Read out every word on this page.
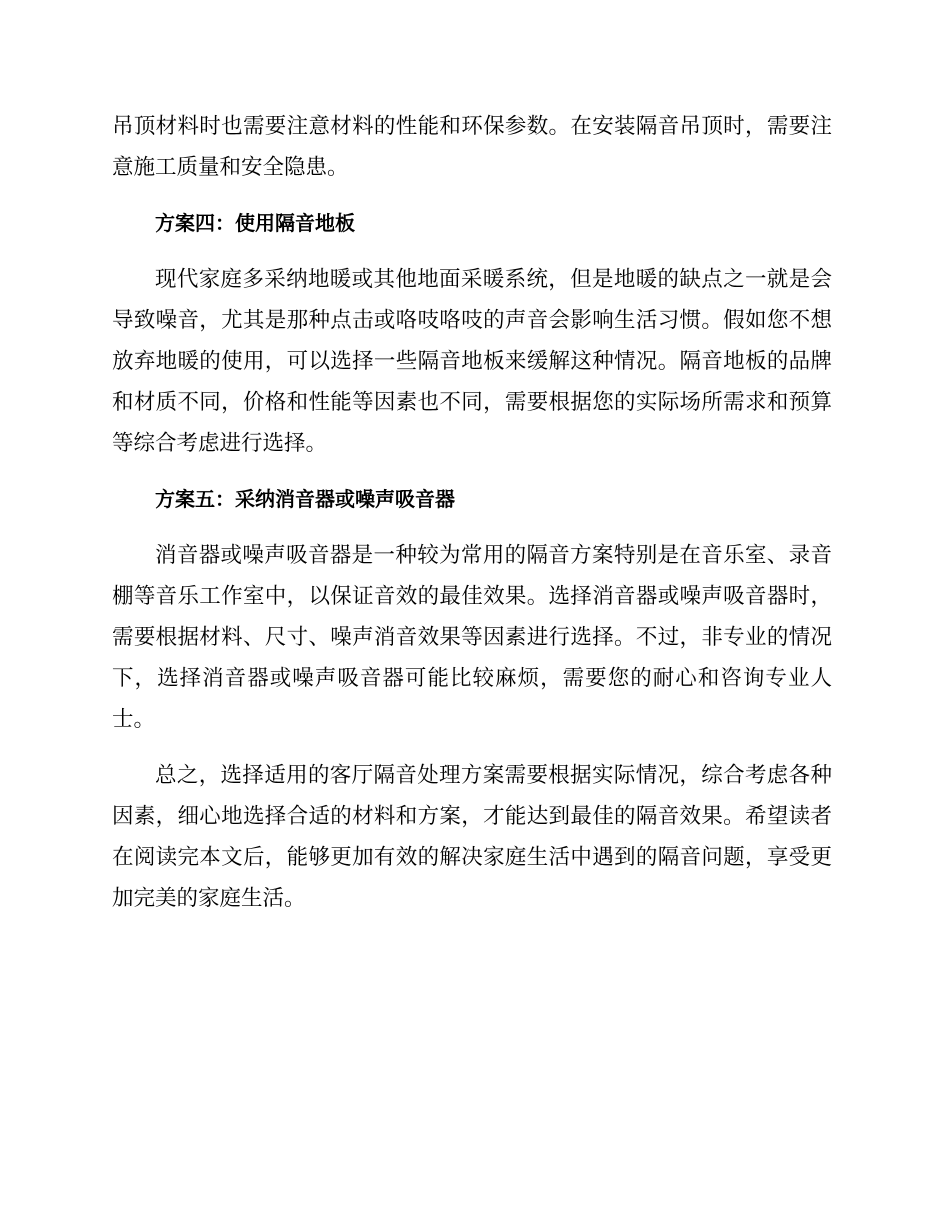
吊顶材料时也需要注意材料的性能和环保参数。在安装隔音吊顶时，需要注意施工质量和安全隐患。

方案四：使用隔音地板

现代家庭多采纳地暖或其他地面采暖系统，但是地暖的缺点之一就是会导致噪音，尤其是那种点击或咯吱咯吱的声音会影响生活习惯。假如您不想放弃地暖的使用，可以选择一些隔音地板来缓解这种情况。隔音地板的品牌和材质不同，价格和性能等因素也不同，需要根据您的实际场所需求和预算等综合考虑进行选择。

方案五：采纳消音器或噪声吸音器

消音器或噪声吸音器是一种较为常用的隔音方案特别是在音乐室、录音棚等音乐工作室中，以保证音效的最佳效果。选择消音器或噪声吸音器时，需要根据材料、尺寸、噪声消音效果等因素进行选择。不过，非专业的情况下，选择消音器或噪声吸音器可能比较麻烦，需要您的耐心和咨询专业人士。

总之，选择适用的客厅隔音处理方案需要根据实际情况，综合考虑各种因素，细心地选择合适的材料和方案，才能达到最佳的隔音效果。希望读者在阅读完本文后，能够更加有效的解决家庭生活中遇到的隔音问题，享受更加完美的家庭生活。
